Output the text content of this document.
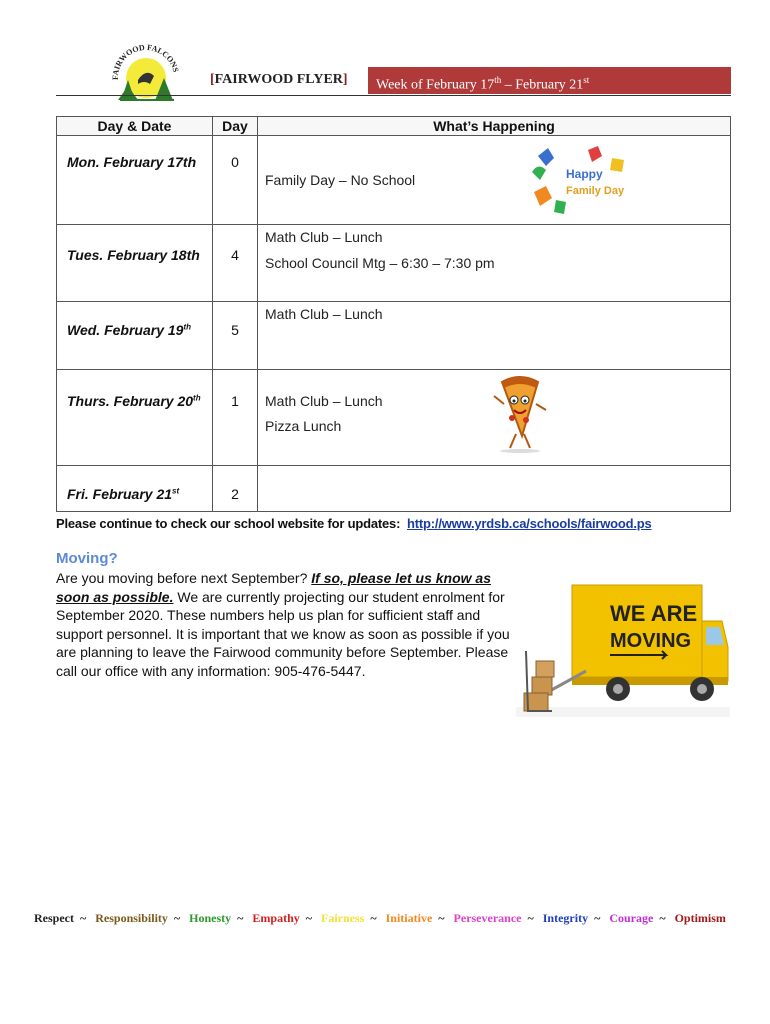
FAIRWOOD FALCONS
[FAIRWOOD FLYER]	Week of February 17th – February 21st
Day & Date	Day	What’s Happening

Mon. February 17th	0	Family Day – No School Happy
Family Day

Tues. February 18th	4	Math Club – Lunch
School Council Mtg – 6:30 – 7:30 pm

Wed. February 19th	5	Math Club – Lunch

Thurs. February 20th	1	Math Club – Lunch
Pizza Lunch

Fri. February 21st	2	

Please continue to check our school website for updates: http://www.yrdsb.ca/schools/fairwood.ps
Moving?
Are you moving before next September? If so, please let us know as soon as possible. We are currently projecting our student enrolment for September 2020. These numbers help us plan for sufficient staff and support personnel. It is important that we know as soon as possible if you are planning to leave the Fairwood community before September. Please call our office with any information: 905-476-5447.
WE ARE
MOVING
Respect ~ Responsibility ~ Honesty ~ Empathy ~ Fairness ~ Initiative ~ Perseverance ~ Integrity ~ Courage ~ Optimism
